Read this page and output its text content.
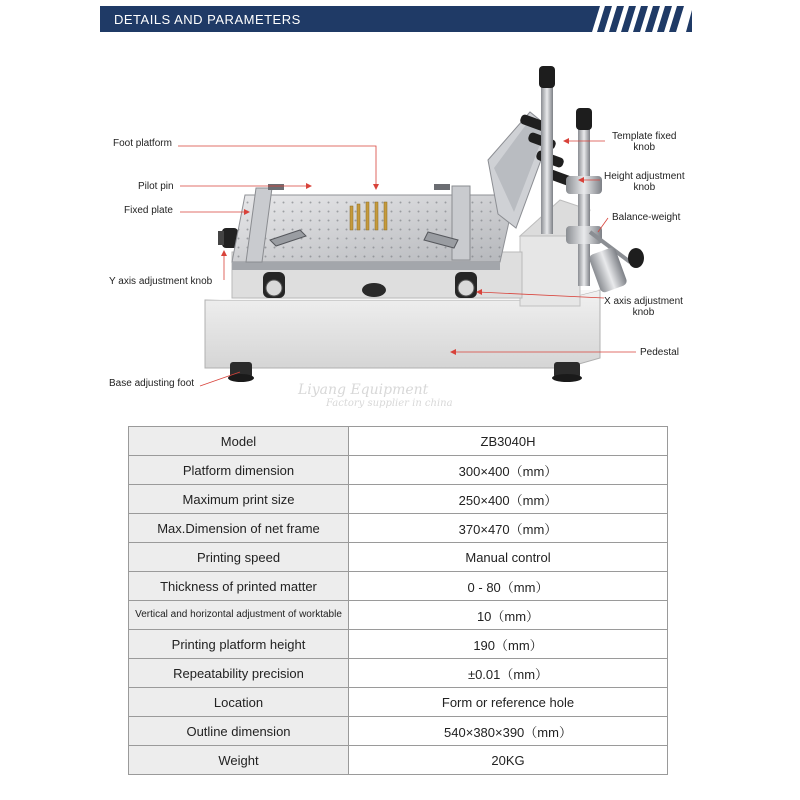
DETAILS AND PARAMETERS
Foot platform
Pilot pin
Fixed plate
Y axis adjustment knob
Base adjusting foot
Template fixed
knob
Height adjustment
knob
Balance-weight
X axis adjustment
knob
Pedestal
Liyang Equipment
Factory supplier in china
Model	ZB3040H
Platform dimension	300×400（mm）
Maximum print size	250×400（mm）
Max.Dimension of net frame	370×470（mm）
Printing speed	Manual control
Thickness of printed matter	0 - 80（mm）
Vertical and horizontal adjustment of worktable	10（mm）
Printing platform height	190（mm）
Repeatability precision	±0.01（mm）
Location	Form or reference hole
Outline dimension	540×380×390（mm）
Weight	20KG
